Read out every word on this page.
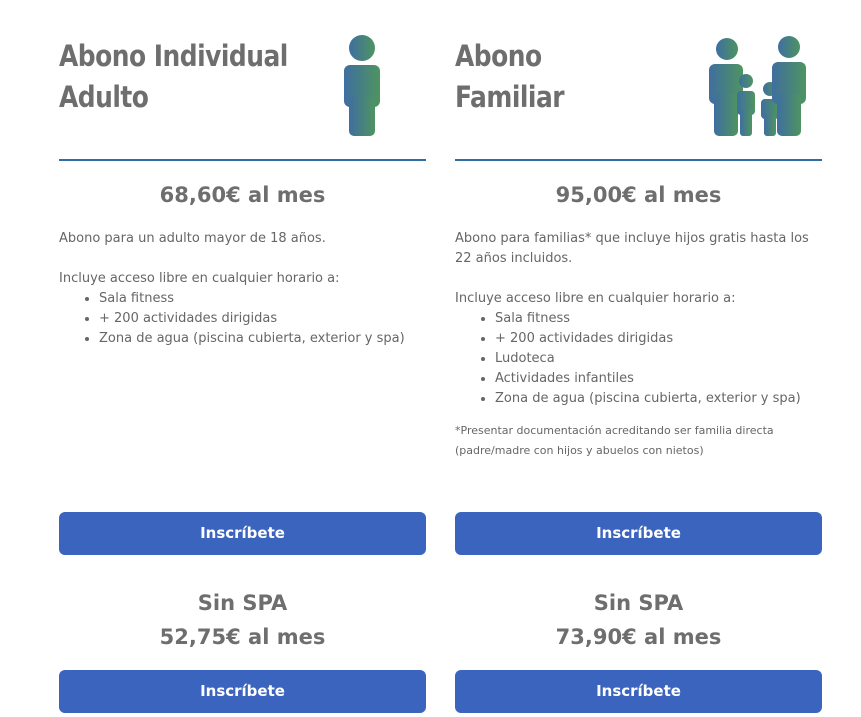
Abono Individual
Adulto
68,60€ al mes

Abono para un adulto mayor de 18 años.

Incluye acceso libre en cualquier horario a:

• Sala fitness
• + 200 actividades dirigidas
• Zona de agua (piscina cubierta, exterior y spa)
Inscríbete
Sin SPA
52,75€ al mes
Inscríbete
Abono
Familiar
95,00€ al mes

Abono para familias* que incluye hijos gratis hasta los 22 años incluidos.

Incluye acceso libre en cualquier horario a:

• Sala fitness
• + 200 actividades dirigidas
• Ludoteca
• Actividades infantiles
• Zona de agua (piscina cubierta, exterior y spa)

*Presentar documentación acreditando ser familia directa (padre/madre con hijos y abuelos con nietos)

Inscríbete
Sin SPA
73,90€ al mes
Inscríbete
